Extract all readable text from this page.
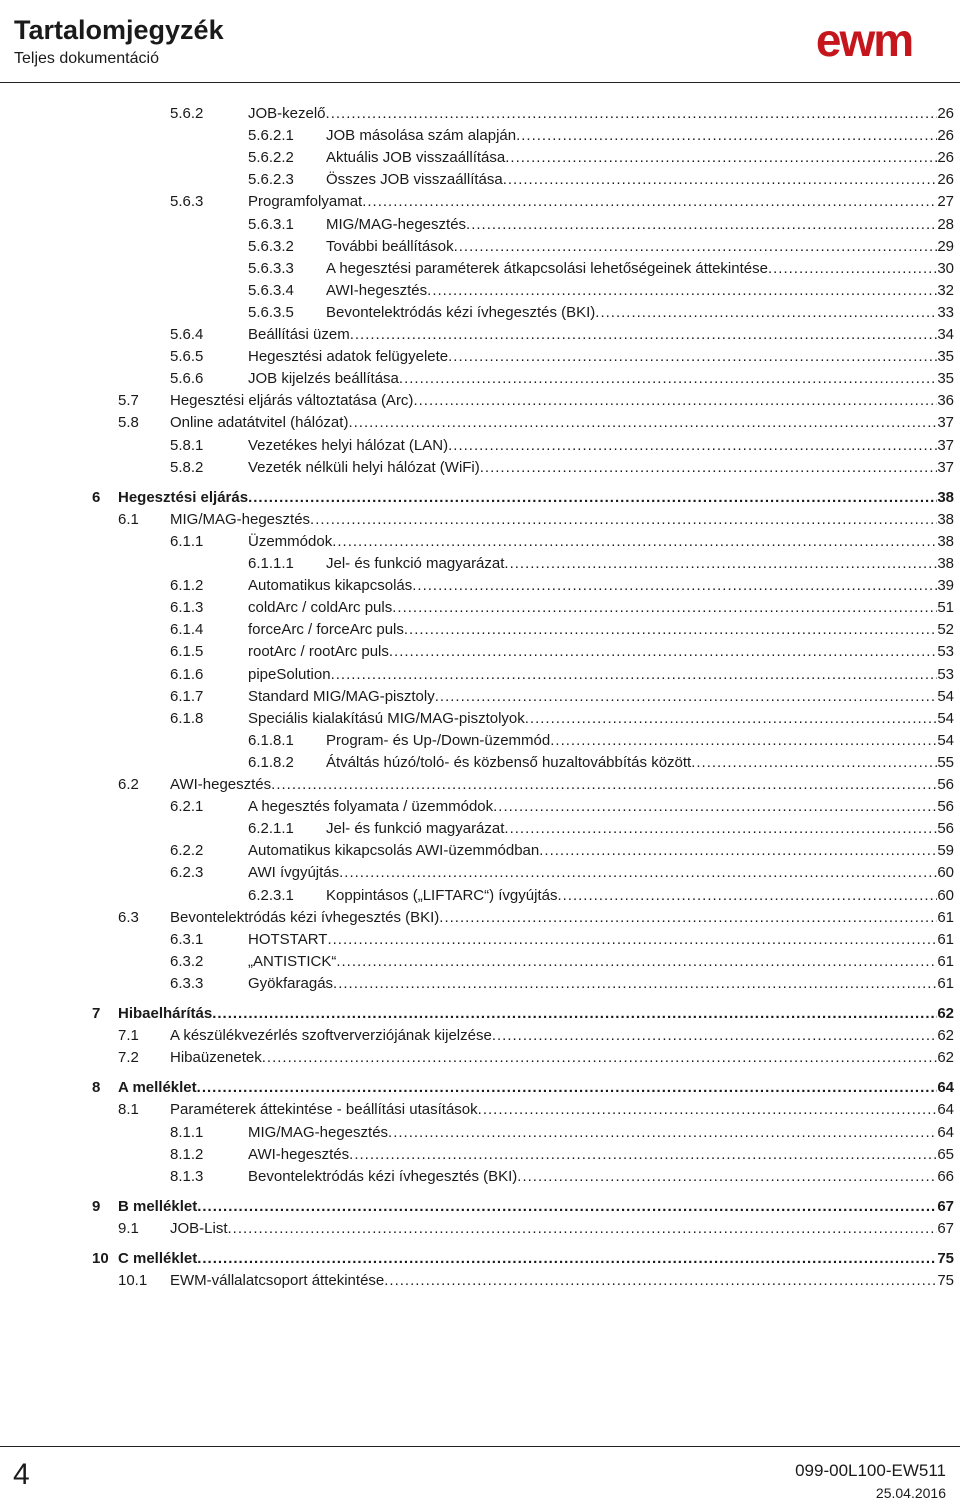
Tartalomjegyzék
Teljes dokumentáció	ewm
5.6.2	JOB-kezelő .....	26
5.6.2.1 JOB másolása szám alapján .....	26
5.6.2.2 Aktuális JOB visszaállítása .....	26
5.6.2.3 Összes JOB visszaállítása .....	26
5.6.3	Programfolyamat .....	27
5.6.3.1 MIG/MAG-hegesztés .....	28
5.6.3.2 További beállítások .....	29
5.6.3.3 A hegesztési paraméterek átkapcsolási lehetőségeinek áttekintése .....	30
5.6.3.4 AWI-hegesztés .....	32
5.6.3.5 Bevontelektródás kézi ívhegesztés (BKI) .....	33
5.6.4	Beállítási üzem .....	34
5.6.5	Hegesztési adatok felügyelete .....	35
5.6.6	JOB kijelzés beállítása .....	35
5.7 Hegesztési eljárás változtatása (Arc) .....	36
5.8 Online adatátvitel (hálózat) .....	37
5.8.1	Vezetékes helyi hálózat (LAN) .....	37
5.8.2	Vezeték nélküli helyi hálózat (WiFi) .....	37
6 Hegesztési eljárás .....	38
6.1 MIG/MAG-hegesztés .....	38
6.1.1	Üzemmódok .....	38
6.1.1.1 Jel- és funkció magyarázat .....	38
6.1.2	Automatikus kikapcsolás .....	39
6.1.3	coldArc / coldArc puls .....	51
6.1.4	forceArc / forceArc puls .....	52
6.1.5	rootArc / rootArc puls .....	53
6.1.6	pipeSolution .....	53
6.1.7	Standard MIG/MAG-pisztoly .....	54
6.1.8	Speciális kialakítású MIG/MAG-pisztolyok .....	54
6.1.8.1 Program- és Up-/Down-üzemmód .....	54
6.1.8.2 Átváltás húzó/toló- és közbenső huzaltovábbítás között .....	55
6.2 AWI-hegesztés .....	56
6.2.1	A hegesztés folyamata / üzemmódok .....	56
6.2.1.1 Jel- és funkció magyarázat .....	56
6.2.2	Automatikus kikapcsolás AWI-üzemmódban .....	59
6.2.3	AWI ívgyújtás .....	60
6.2.3.1 Koppintásos („LIFTARC“) ívgyújtás .....	60
6.3 Bevontelektródás kézi ívhegesztés (BKI) .....	61
6.3.1	HOTSTART .....	61
6.3.2	„ANTISTICK“ .....	61
6.3.3	Gyökfaragás .....	61
7 Hibaelhárítás .....	62
7.1 A készülékvezérlés szoftververziójának kijelzése .....	62
7.2 Hibaüzenetek .....	62
8 A melléklet .....	64
8.1 Paraméterek áttekintése - beállítási utasítások .....	64
8.1.1	MIG/MAG-hegesztés .....	64
8.1.2	AWI-hegesztés .....	65
8.1.3	Bevontelektródás kézi ívhegesztés (BKI) .....	66
9 B melléklet .....	67
9.1 JOB-List .....	67
10 C melléklet .....	75
10.1 EWM-vállalatcsoport áttekintése .....	75
4	099-00L100-EW511
25.04.2016
